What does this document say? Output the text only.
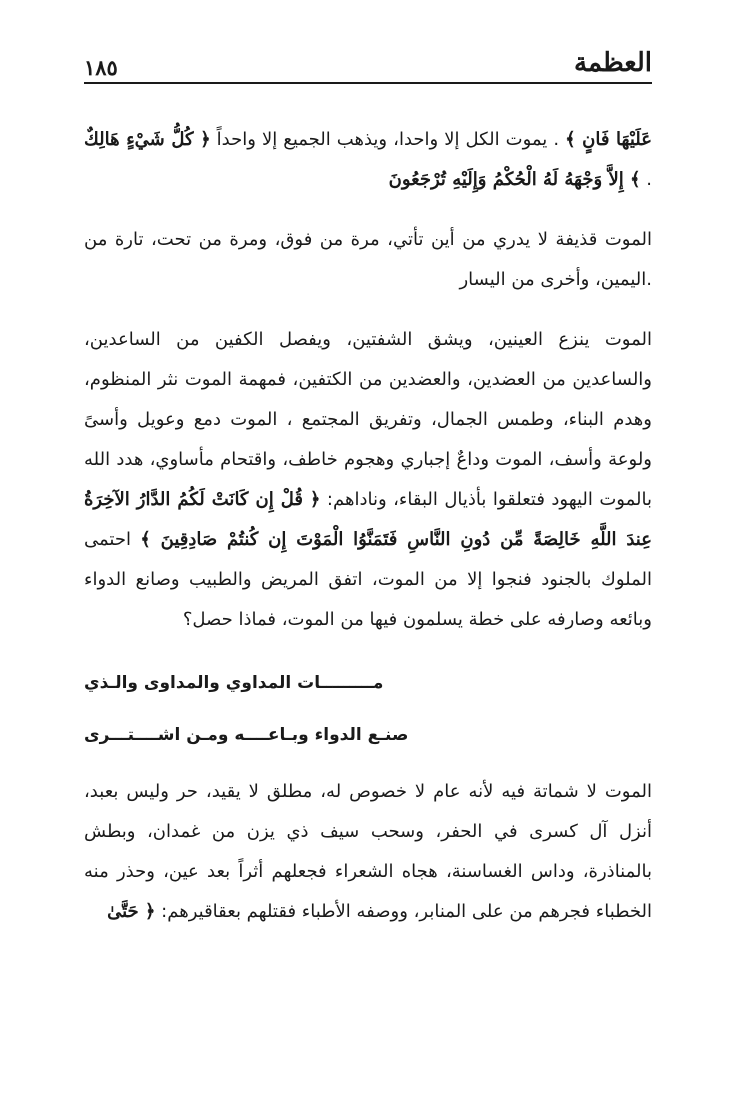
العظمة
١٨٥

عَلَيْهَا فَانٍ ﴾ . يموت الكل إلا واحدا، ويذهب الجميع إلا واحداً ﴿ كُلُّ شَيْءٍ هَالِكٌ إِلاَّ وَجْهَهُ لَهُ الْحُكْمُ وَإِلَيْهِ تُرْجَعُونَ ﴾ .

الموت قذيفة لا يدري من أين تأتي، مرة من فوق، ومرة من تحت، تارة من اليمين، وأخرى من اليسار.

الموت ينزع العينين، ويشق الشفتين، ويفصل الكفين من الساعدين، والساعدين من العضدين، والعضدين من الكتفين، فمهمة الموت نثر المنظوم، وهدم البناء، وطمس الجمال، وتفريق المجتمع ، الموت دمع وعويل وأسىً ولوعة وأسف، الموت وداعٌ إجباري وهجوم خاطف، واقتحام مأساوي، هدد الله بالموت اليهود فتعلقوا بأذيال البقاء، وناداهم: ﴿ قُلْ إِن كَانَتْ لَكُمُ الدَّارُ الآخِرَةُ عِندَ اللَّهِ خَالِصَةً مِّن دُونِ النَّاسِ فَتَمَنَّوُا الْمَوْتَ إِن كُنتُمْ صَادِقِينَ ﴾ احتمى الملوك بالجنود فنجوا إلا من الموت، اتفق المريض والطبيب وصانع الدواء وبائعه وصارفه على خطة يسلمون فيها من الموت، فماذا حصل؟

مـــــــــات المداوي والمداوى والـذي
صنـع الدواء وبـاعــــه ومـن اشــــتـــرى

الموت لا شماتة فيه لأنه عام لا خصوص له، مطلق لا يقيد، حر وليس بعبد، أنزل آل كسرى في الحفر، وسحب سيف ذي يزن من غمدان، وبطش بالمناذرة، وداس الغساسنة، هجاه الشعراء فجعلهم أثراً بعد عين، وحذر منه الخطباء فجرهم من على المنابر، ووصفه الأطباء فقتلهم بعقاقيرهم: ﴿ حَتَّىٰ
